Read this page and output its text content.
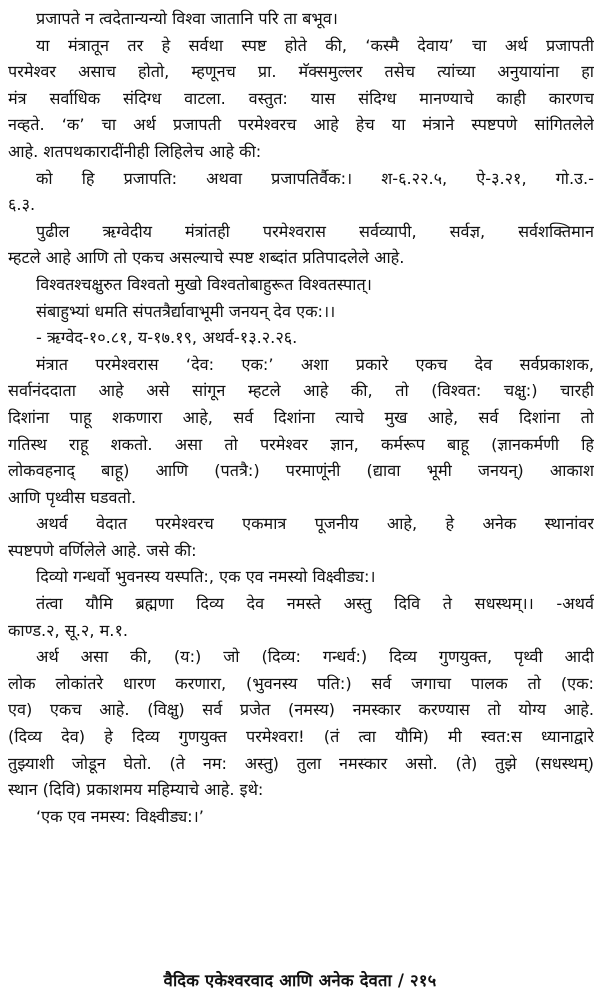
प्रजापते न त्वदेतान्यन्यो विश्वा जातानि परि ता बभूव।
या मंत्रातून तर हे सर्वथा स्पष्ट होते की, ‘कस्मै देवाय’ चा अर्थ प्रजापती
परमेश्वर असाच होतो, म्हणूनच प्रा. मॅक्समुल्लर तसेच त्यांच्या अनुयायांना हा
मंत्र सर्वाधिक संदिग्ध वाटला. वस्तुत: यास संदिग्ध मानण्याचे काही कारणच
नव्हते. ‘क’ चा अर्थ प्रजापती परमेश्वरच आहे हेच या मंत्राने स्पष्टपणे सांगितलेले
आहे. शतपथकारादींनीही लिहिलेच आहे की:
को हि प्रजापति: अथवा प्रजापतिर्वैक:। श-६.२२.५, ऐ-३.२१, गो.उ.-
६.३.
पुढील ऋग्वेदीय मंत्रांतही परमेश्वरास सर्वव्यापी, सर्वज्ञ, सर्वशक्तिमान
म्हटले आहे आणि तो एकच असल्याचे स्पष्ट शब्दांत प्रतिपादलेले आहे.
विश्वतश्चक्षुरुत विश्वतो मुखो विश्वतोबाहुरूत विश्वतस्पात्।
संबाहुभ्यां धमति संपतत्रैर्द्यावाभूमी जनयन् देव एक:।।
- ऋग्वेद-१०.८१, य-१७.१९, अथर्व-१३.२.२६.
मंत्रात परमेश्वरास ‘देव: एक:’ अशा प्रकारे एकच देव सर्वप्रकाशक,
सर्वानंददाता आहे असे सांगून म्हटले आहे की, तो (विश्वत: चक्षु:) चारही
दिशांना पाहू शकणारा आहे, सर्व दिशांना त्याचे मुख आहे, सर्व दिशांना तो
गतिस्थ राहू शकतो. असा तो परमेश्वर ज्ञान, कर्मरूप बाहू (ज्ञानकर्मणी हि
लोकवहनाद् बाहू) आणि (पतत्रै:) परमाणूंनी (द्यावा भूमी जनयन्) आकाश
आणि पृथ्वीस घडवतो.
अथर्व वेदात परमेश्वरच एकमात्र पूजनीय आहे, हे अनेक स्थानांवर
स्पष्टपणे वर्णिलेले आहे. जसे की:
दिव्यो गन्धर्वो भुवनस्य यस्पति:, एक एव नमस्यो विक्ष्वीड्य:।
तंत्वा यौमि ब्रह्मणा दिव्य देव नमस्ते अस्तु दिवि ते सधस्थम्।। -अथर्व
काण्ड.२, सू.२, म.१.
अर्थ असा की, (य:) जो (दिव्य: गन्धर्व:) दिव्य गुणयुक्त, पृथ्वी आदी
लोक लोकांतरे धारण करणारा, (भुवनस्य पति:) सर्व जगाचा पालक तो (एक:
एव) एकच आहे. (विक्षु) सर्व प्रजेत (नमस्य) नमस्कार करण्यास तो योग्य आहे.
(दिव्य देव) हे दिव्य गुणयुक्त परमेश्वरा! (तं त्वा यौमि) मी स्वत:स ध्यानाद्वारे
तुझ्याशी जोडून घेतो. (ते नम: अस्तु) तुला नमस्कार असो. (ते) तुझे (सधस्थम्)
स्थान (दिवि) प्रकाशमय महिम्याचे आहे. इथे:
‘एक एव नमस्य: विक्ष्वीड्य:।’
वैदिक एकेश्वरवाद आणि अनेक देवता / २१५
